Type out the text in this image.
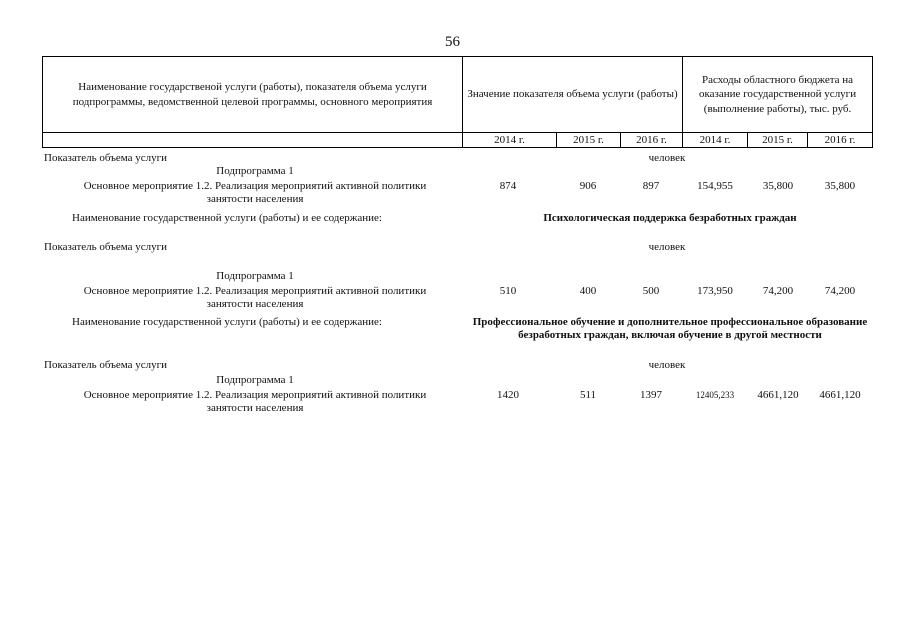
56
Наименование государственой услуги (работы), показателя объема услуги подпрограммы, ведомственной целевой программы, основного мероприятия	Значение показателя объема услуги (работы)			Расходы областного бюджета на оказание государственной услуги (выполнение работы), тыс. руб.		
	2014 г.	2015 г.	2016 г.	2014 г.	2015 г.	2016 г.
Показатель объема услуги	человек
Подпрограмма 1
Основное мероприятие 1.2. Реализация мероприятий активной политики
занятости населения
874	906	897	154,955	35,800	35,800
Наименование государственной услуги (работы) и ее содержание:	Психологическая поддержка безработных граждан
Показатель объема услуги	человек
Подпрограмма 1
Основное мероприятие 1.2. Реализация мероприятий активной политики
занятости населения
510	400	500	173,950	74,200	74,200
Наименование государственной услуги (работы) и ее содержание:	Профессиональное обучение и дополнительное профессиональное образование безработных граждан, включая обучение в другой местности
Показатель объема услуги	человек
Подпрограмма 1
Основное мероприятие 1.2. Реализация мероприятий активной политики
занятости населения
1420	511	1397	12405,233	4661,120	4661,120
